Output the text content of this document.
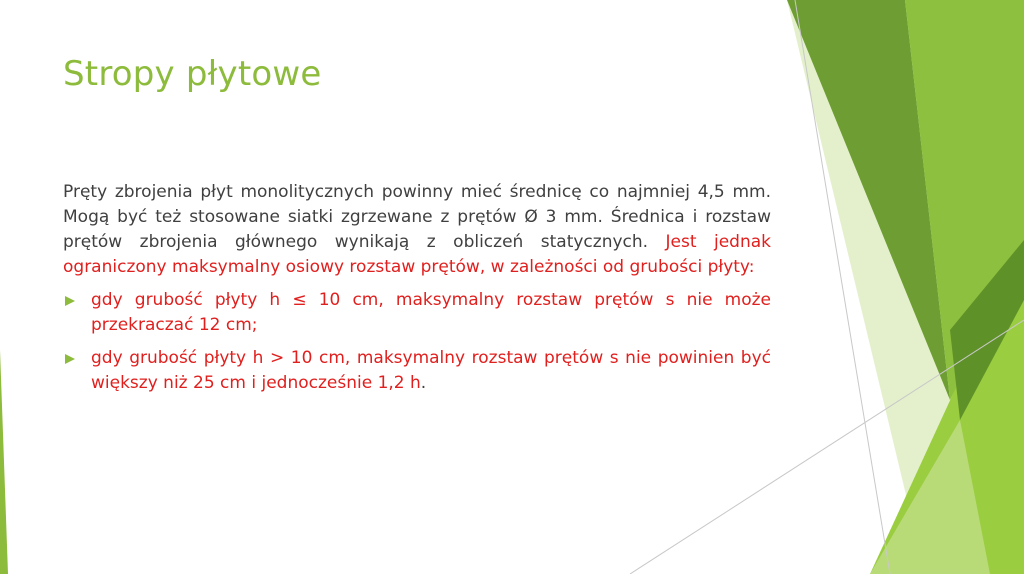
Stropy płytowe

Pręty zbrojenia płyt monolitycznych powinny mieć średnicę co najmniej 4,5 mm. Mogą być też stosowane siatki zgrzewane z prętów Ø 3 mm. Średnica i rozstaw prętów zbrojenia głównego wynikają z obliczeń statycznych. Jest jednak ograniczony maksymalny osiowy rozstaw prętów, w zależności od grubości płyty:

gdy grubość płyty h ≤ 10 cm, maksymalny rozstaw prętów s nie może przekraczać 12 cm;
gdy grubość płyty h > 10 cm, maksymalny rozstaw prętów s nie powinien być większy niż 25 cm i jednocześnie 1,2 h.
